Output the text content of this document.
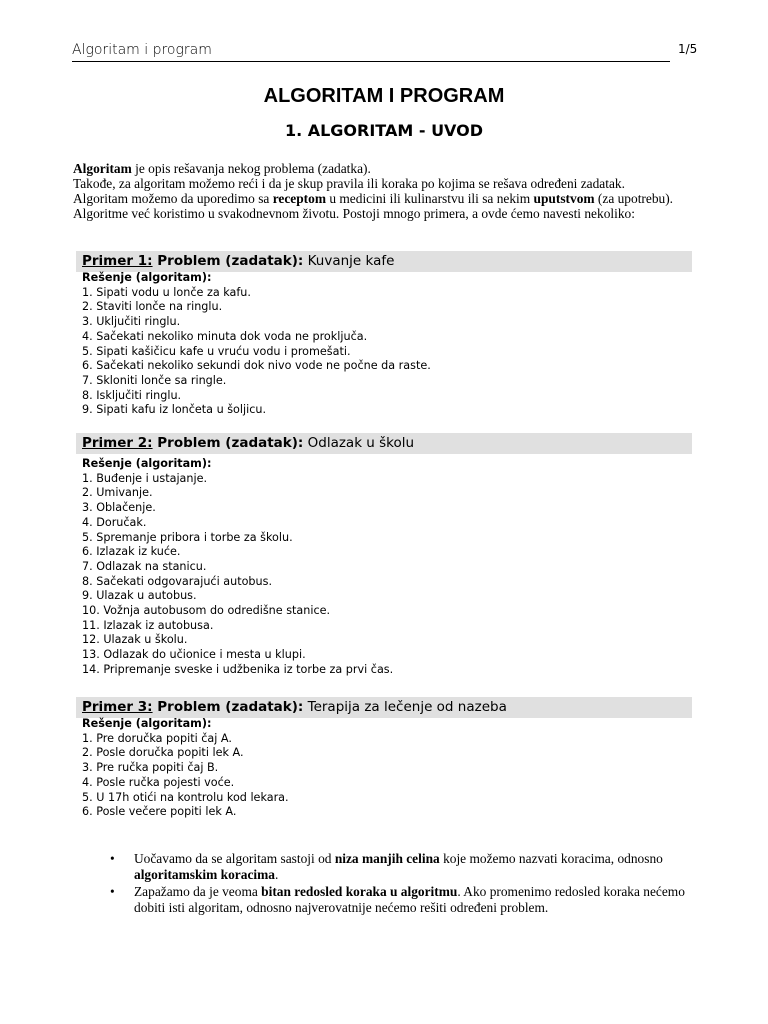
Algoritam i program	1/5
ALGORITAM I PROGRAM
1. ALGORITAM - UVOD

Algoritam je opis rešavanja nekog problema (zadatka).

Takođe, za algoritam možemo reći i da je skup pravila ili koraka po kojima se rešava određeni zadatak.

Algoritam možemo da uporedimo sa receptom u medicini ili kulinarstvu ili sa nekim uputstvom (za upotrebu).

Algoritme već koristimo u svakodnevnom životu. Postoji mnogo primera, a ovde ćemo navesti nekoliko:

Primer 1: Problem (zadatak): Kuvanje kafe
Rešenje (algoritam):
1. Sipati vodu u lonče za kafu.
2. Staviti lonče na ringlu.
3. Uključiti ringlu.
4. Sačekati nekoliko minuta dok voda ne proključa.
5. Sipati kašičicu kafe u vruću vodu i promešati.
6. Sačekati nekoliko sekundi dok nivo vode ne počne da raste.
7. Skloniti lonče sa ringle.
8. Isključiti ringlu.
9. Sipati kafu iz lončeta u šoljicu.
Primer 2: Problem (zadatak): Odlazak u školu
Rešenje (algoritam):
1. Buđenje i ustajanje.
2. Umivanje.
3. Oblačenje.
4. Doručak.
5. Spremanje pribora i torbe za školu.
6. Izlazak iz kuće.
7. Odlazak na stanicu.
8. Sačekati odgovarajući autobus.
9. Ulazak u autobus.
10. Vožnja autobusom do odredišne stanice.
11. Izlazak iz autobusa.
12. Ulazak u školu.
13. Odlazak do učionice i mesta u klupi.
14. Pripremanje sveske i udžbenika iz torbe za prvi čas.
Primer 3: Problem (zadatak): Terapija za lečenje od nazeba
Rešenje (algoritam):
1. Pre doručka popiti čaj A.
2. Posle doručka popiti lek A.
3. Pre ručka popiti čaj B.
4. Posle ručka pojesti voće.
5. U 17h otići na kontrolu kod lekara.
6. Posle večere popiti lek A.
• Uočavamo da se algoritam sastoji od niza manjih celina koje možemo nazvati koracima, odnosno algoritamskim koracima.
• Zapažamo da je veoma bitan redosled koraka u algoritmu. Ako promenimo redosled koraka nećemo dobiti isti algoritam, odnosno najverovatnije nećemo rešiti određeni problem.
